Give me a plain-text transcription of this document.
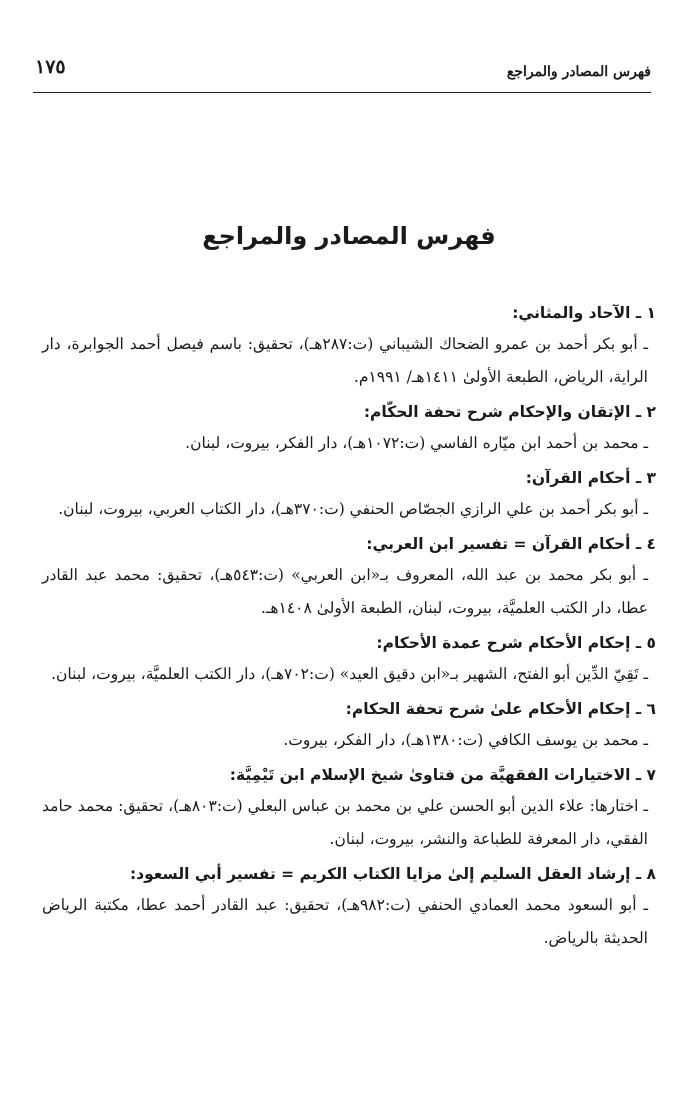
١٧٥	فهرس المصادر والمراجع
فهرس المصادر والمراجع
١ ـ الآحاد والمثاني:
ـ أبو بكر أحمد بن عمرو الضحاك الشيباني (ت:٢٨٧هـ)، تحقيق: باسم فيصل أحمد الجوابرة، دار الراية، الرياض، الطبعة الأولىٰ ١٤١١هـ/ ١٩٩١م.
٢ ـ الإتقان والإحكام شرح تحفة الحكّام:
ـ محمد بن أحمد ابن ميّاره الفاسي (ت:١٠٧٢هـ)، دار الفكر، بيروت، لبنان.
٣ ـ أحكام القرآن:
ـ أبو بكر أحمد بن علي الرازي الجصّاص الحنفي (ت:٣٧٠هـ)، دار الكتاب العربي، بيروت، لبنان.
٤ ـ أحكام القرآن = تفسير ابن العربي:
ـ أبو بكر محمد بن عبد الله، المعروف بـ«ابن العربي» (ت:٥٤٣هـ)، تحقيق: محمد عبد القادر عطا، دار الكتب العلميَّة، بيروت، لبنان، الطبعة الأولىٰ ١٤٠٨هـ.
٥ ـ إحكام الأحكام شرح عمدة الأحكام:
ـ تَقِيّ الدِّين أبو الفتح، الشهير بـ«ابن دقيق العيد» (ت:٧٠٢هـ)، دار الكتب العلميَّة، بيروت، لبنان.
٦ ـ إحكام الأحكام علىٰ شرح تحفة الحكام:
ـ محمد بن يوسف الكافي (ت:١٣٨٠هـ)، دار الفكر، بيروت.
٧ ـ الاختيارات الفقهيَّة من فتاوىٰ شيخ الإسلام ابن تَيْمِيَّة:
ـ اختارها: علاء الدين أبو الحسن علي بن محمد بن عباس البعلي (ت:٨٠٣هـ)، تحقيق: محمد حامد الفقي، دار المعرفة للطباعة والنشر، بيروت، لبنان.
٨ ـ إرشاد العقل السليم إلىٰ مزايا الكتاب الكريم = تفسير أبي السعود:
ـ أبو السعود محمد العمادي الحنفي (ت:٩٨٢هـ)، تحقيق: عبد القادر أحمد عطا، مكتبة الرياض الحديثة بالرياض.
